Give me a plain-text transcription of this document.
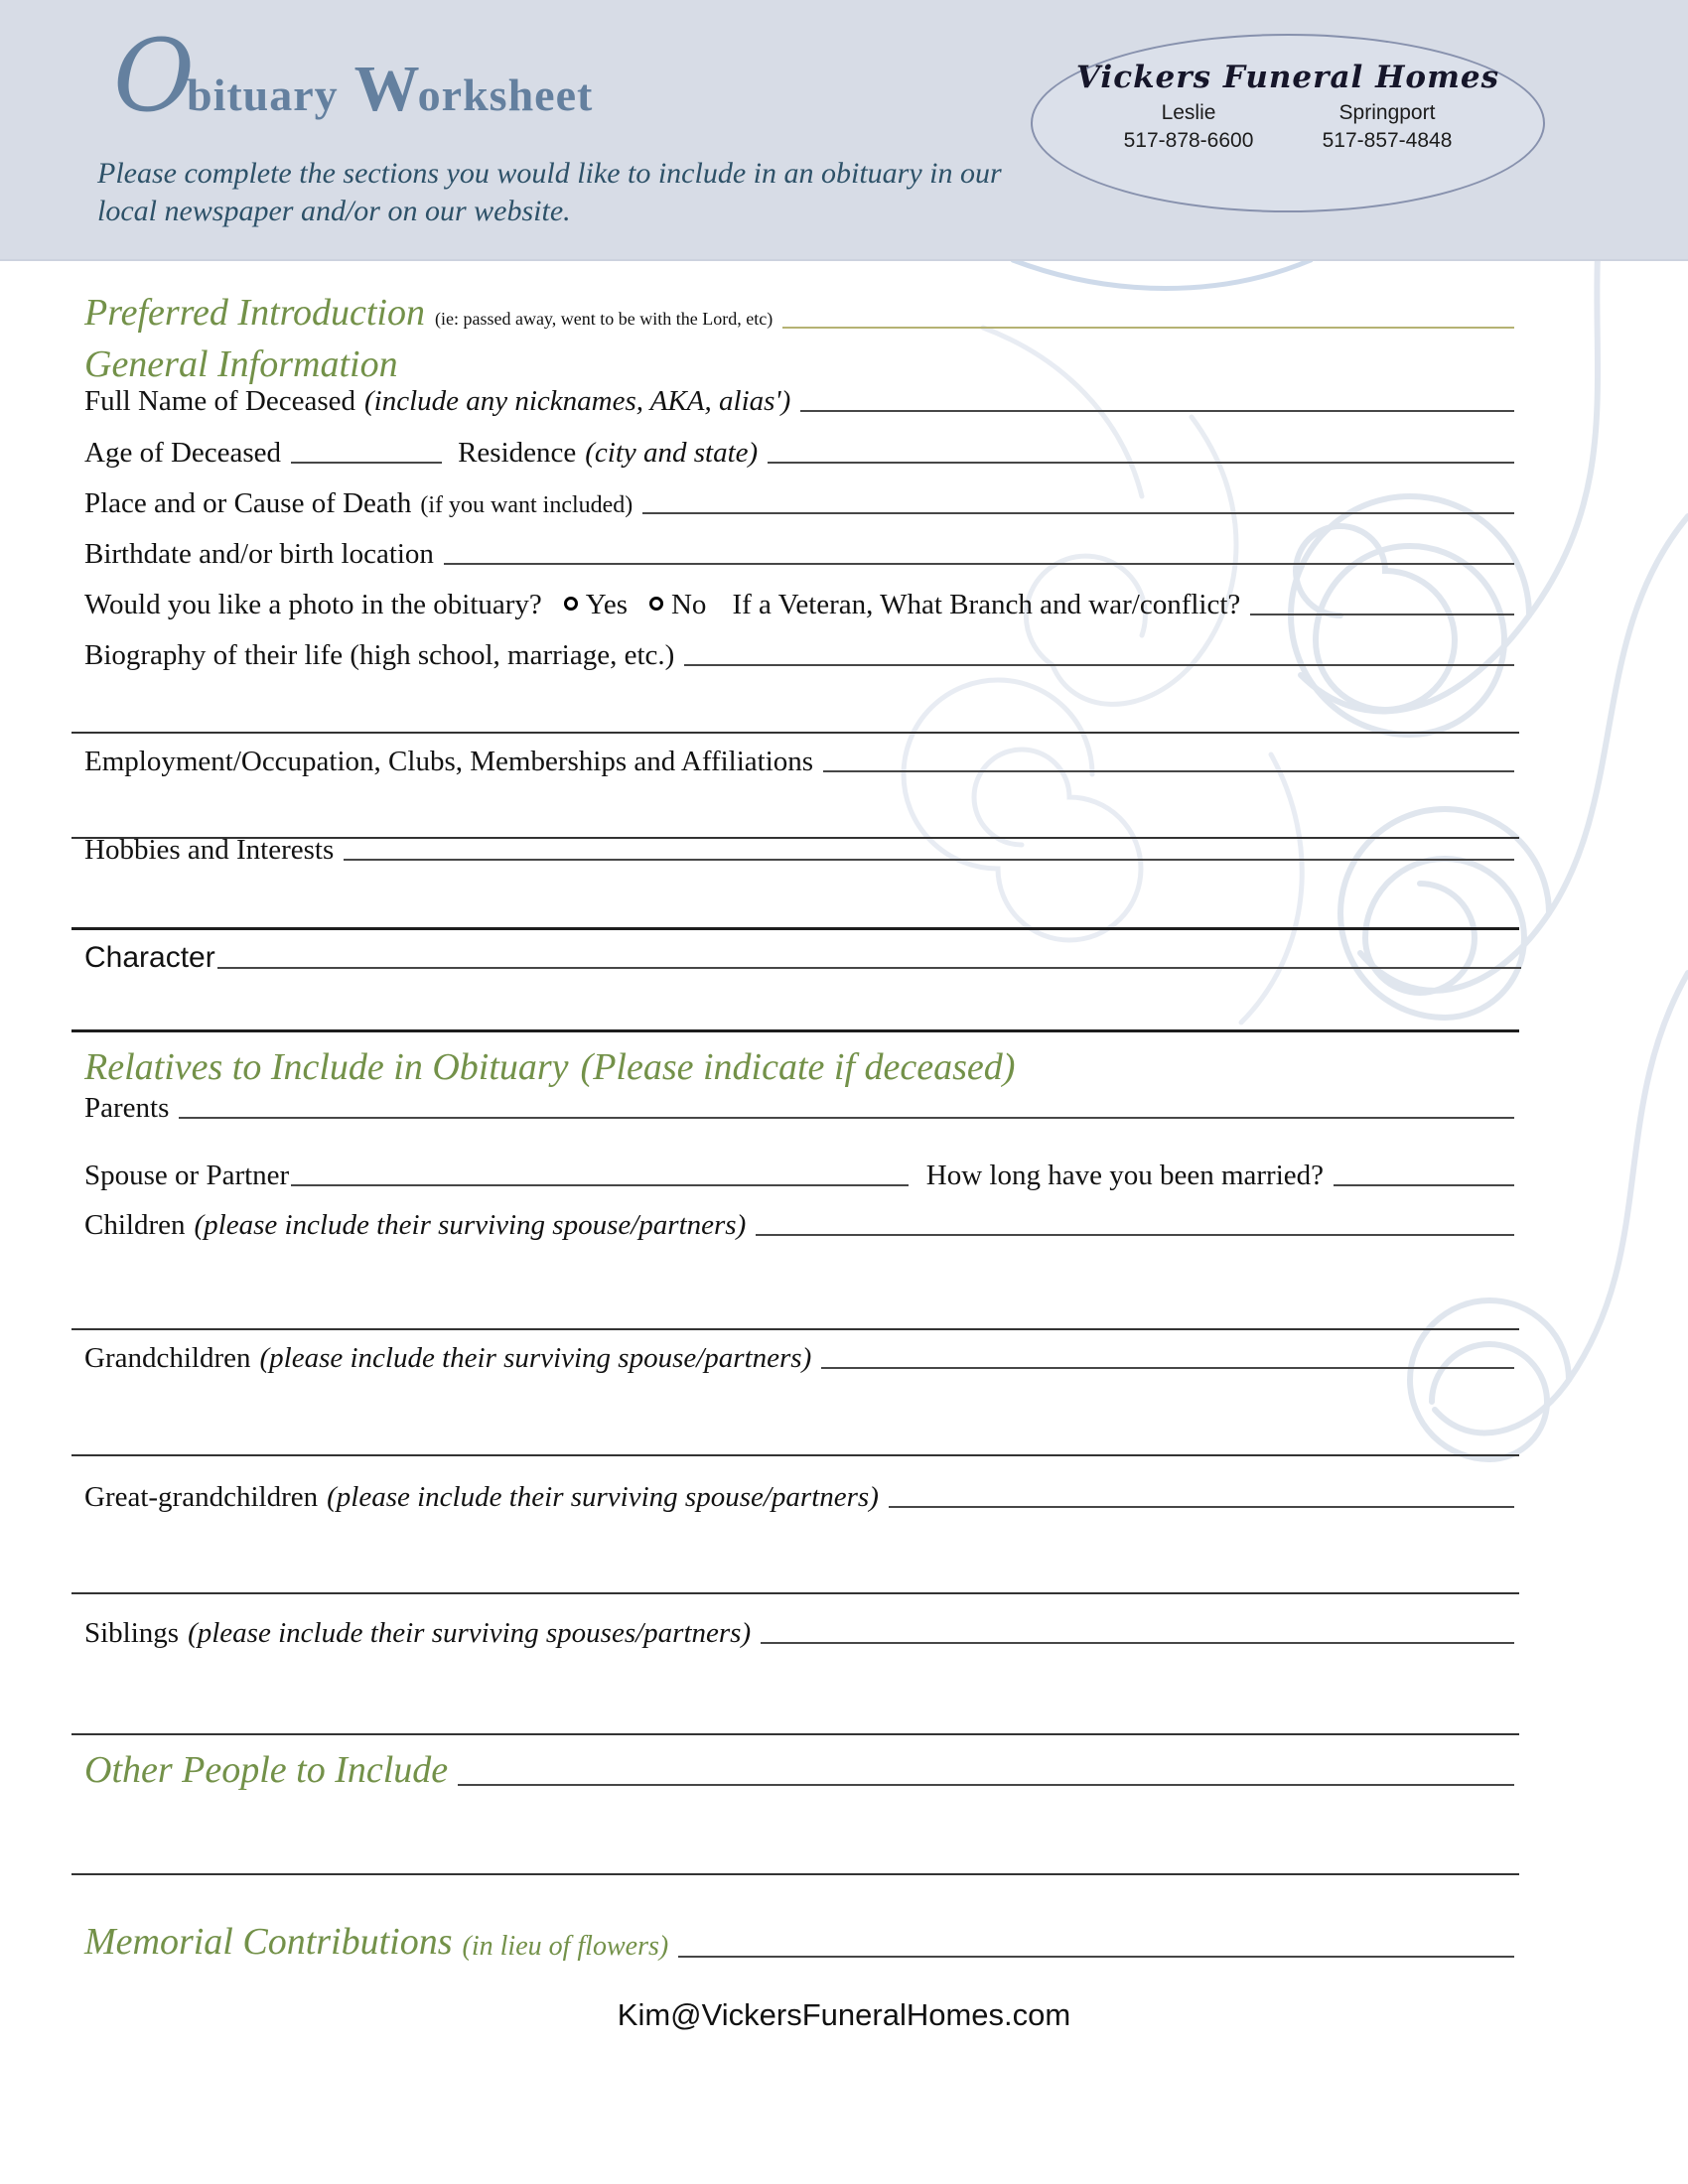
O
bituary W
orksheet
Please complete the sections you would like to include in an obituary in our local newspaper and/or on our website.
Vickers Funeral Homes
Leslie	Springport
517-878-6600	517-857-4848
Preferred Introduction (ie: passed away, went to be with the Lord, etc)
General Information
Full Name of Deceased (include any nicknames, AKA, alias')
Age of Deceased	Residence (city and state)
Place and or Cause of Death (if you want included)
Birthdate and/or birth location
Would you like a photo in the obituary? Yes No If a Veteran, What Branch and war/conflict?
Biography of their life (high school, marriage, etc.)
Employment/Occupation, Clubs, Memberships and Affiliations
Hobbies and Interests
Character
Relatives to Include in Obituary (Please indicate if deceased)
Parents
Spouse or Partner	How long have you been married?
Children (please include their surviving spouse/partners)
Grandchildren (please include their surviving spouse/partners)
Great-grandchildren (please include their surviving spouse/partners)
Siblings (please include their surviving spouses/partners)
Other People to Include
Memorial Contributions (in lieu of flowers)
Kim@VickersFuneralHomes.com
